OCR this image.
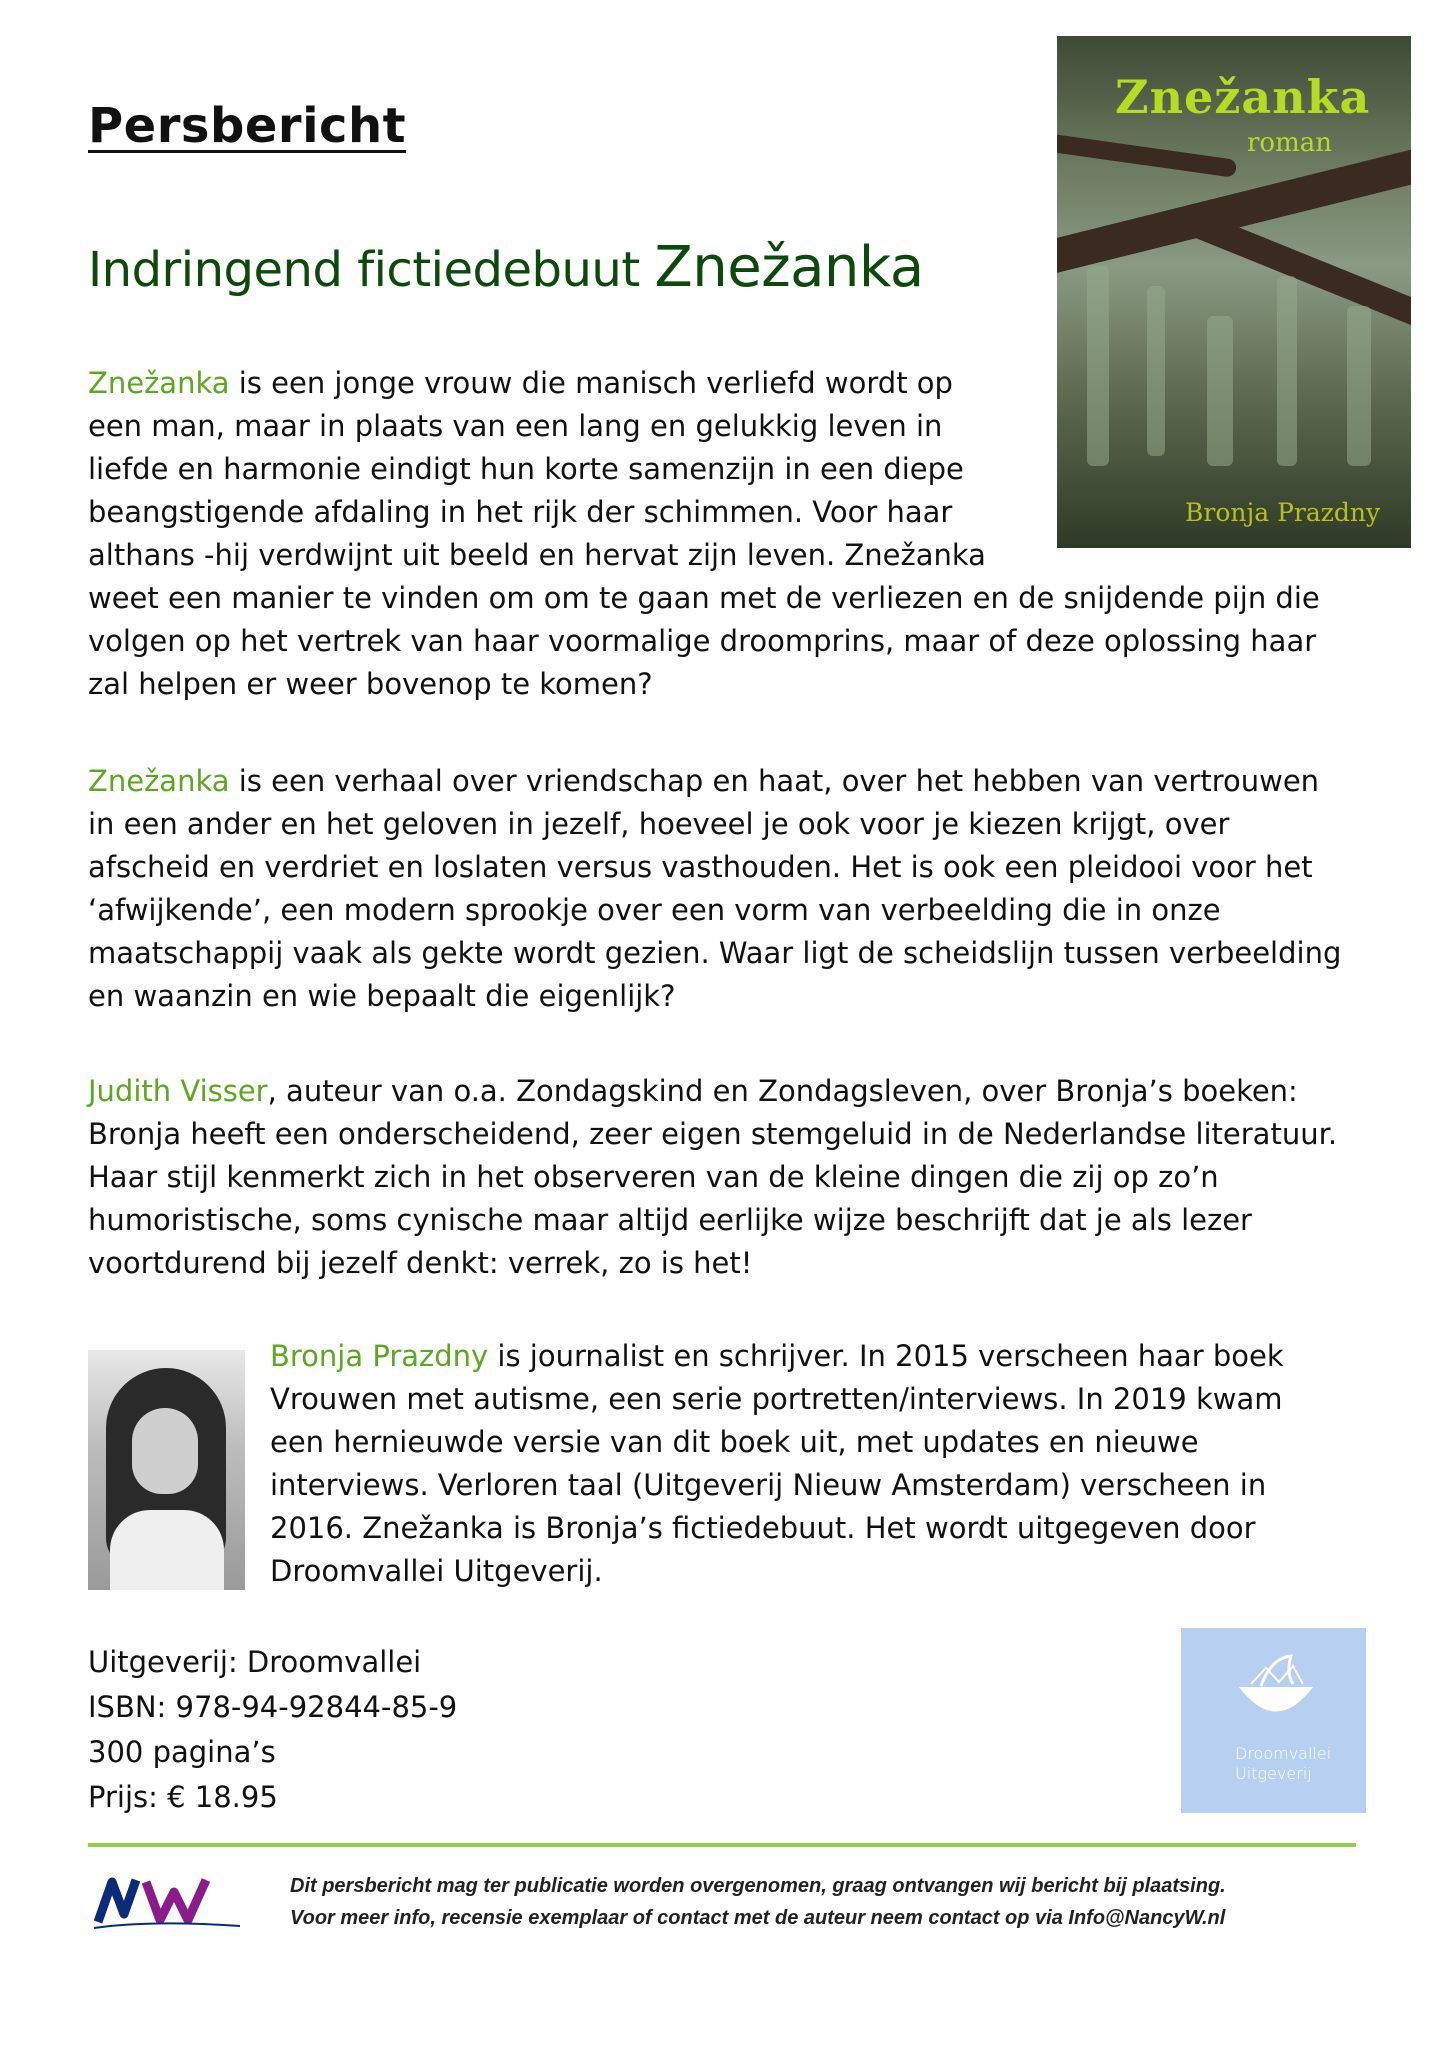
Persbericht
Indringend fictiedebuut Znežanka
Znežanka
roman
Bronja Prazdny
Znežanka is een jonge vrouw die manisch verliefd wordt op
een man, maar in plaats van een lang en gelukkig leven in
liefde en harmonie eindigt hun korte samenzijn in een diepe
beangstigende afdaling in het rijk der schimmen. Voor haar
althans -hij verdwijnt uit beeld en hervat zijn leven. Znežanka
weet een manier te vinden om om te gaan met de verliezen en de snijdende pijn die
volgen op het vertrek van haar voormalige droomprins, maar of deze oplossing haar
zal helpen er weer bovenop te komen?
Znežanka is een verhaal over vriendschap en haat, over het hebben van vertrouwen
in een ander en het geloven in jezelf, hoeveel je ook voor je kiezen krijgt, over
afscheid en verdriet en loslaten versus vasthouden. Het is ook een pleidooi voor het
‘afwijkende’, een modern sprookje over een vorm van verbeelding die in onze
maatschappij vaak als gekte wordt gezien. Waar ligt de scheidslijn tussen verbeelding
en waanzin en wie bepaalt die eigenlijk?
Judith Visser, auteur van o.a. Zondagskind en Zondagsleven, over Bronja’s boeken:
Bronja heeft een onderscheidend, zeer eigen stemgeluid in de Nederlandse literatuur.
Haar stijl kenmerkt zich in het observeren van de kleine dingen die zij op zo’n
humoristische, soms cynische maar altijd eerlijke wijze beschrijft dat je als lezer
voortdurend bij jezelf denkt: verrek, zo is het!
Bronja Prazdny is journalist en schrijver. In 2015 verscheen haar boek
Vrouwen met autisme, een serie portretten/interviews. In 2019 kwam
een hernieuwde versie van dit boek uit, met updates en nieuwe
interviews. Verloren taal (Uitgeverij Nieuw Amsterdam) verscheen in
2016. Znežanka is Bronja’s fictiedebuut. Het wordt uitgegeven door
Droomvallei Uitgeverij.
Uitgeverij: Droomvallei
ISBN: 978-94-92844-85-9
300 pagina’s
Prijs: € 18.95
Droomvallei
Uitgeverij
Dit persbericht mag ter publicatie worden overgenomen, graag ontvangen wij bericht bij plaatsing.
Voor meer info, recensie exemplaar of contact met de auteur neem contact op via Info@NancyW.nl
